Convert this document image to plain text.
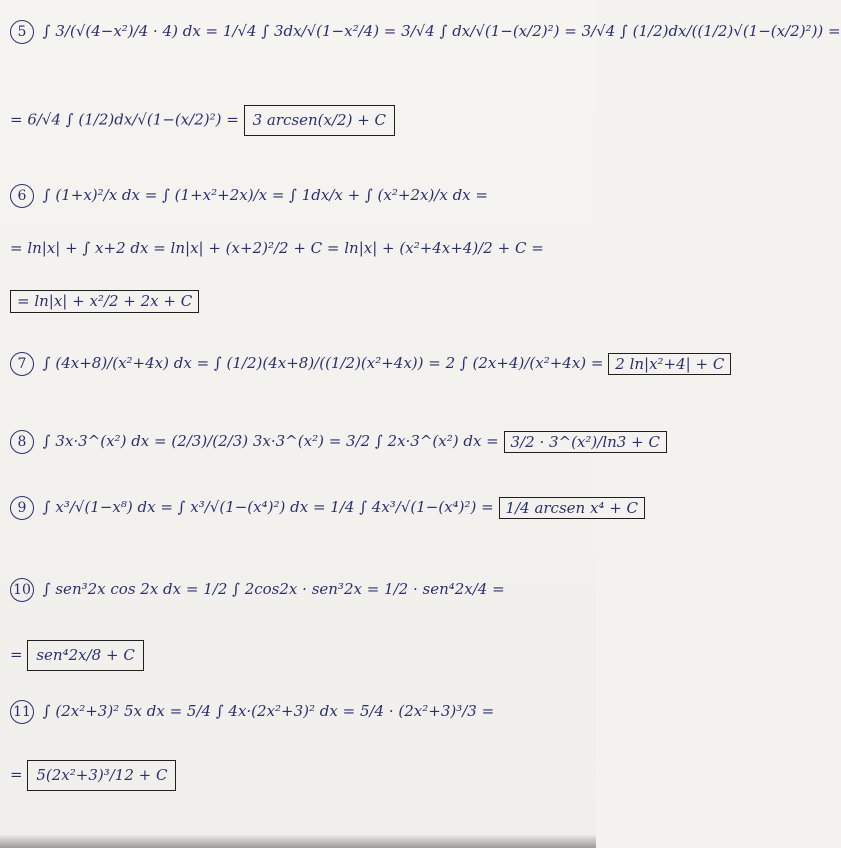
5 ∫ 3/(√(4−x²)/4 · 4) dx = 1/√4 ∫ 3dx/√(1−x²/4) = 3/√4 ∫ dx/√(1−(x/2)²) = 3/√4 ∫ (1/2)dx/((1/2)√(1−(x/2)²)) =
= 6/√4 ∫ (1/2)dx/√(1−(x/2)²) = 3 arcsen(x/2) + C
6 ∫ (1+x)²/x dx = ∫ (1+x²+2x)/x = ∫ 1dx/x + ∫ (x²+2x)/x dx =
= ln|x| + ∫ x+2 dx = ln|x| + (x+2)²/2 + C = ln|x| + (x²+4x+4)/2 + C =
= ln|x| + x²/2 + 2x + C
7 ∫ (4x+8)/(x²+4x) dx = ∫ (1/2)(4x+8)/((1/2)(x²+4x)) = 2 ∫ (2x+4)/(x²+4x) = 2 ln|x²+4| + C
8 ∫ 3x·3^(x²) dx = (2/3)/(2/3) 3x·3^(x²) = 3/2 ∫ 2x·3^(x²) dx = 3/2 · 3^(x²)/ln3 + C
9 ∫ x³/√(1−x⁸) dx = ∫ x³/√(1−(x⁴)²) dx = 1/4 ∫ 4x³/√(1−(x⁴)²) = 1/4 arcsen x⁴ + C
10 ∫ sen³2x cos 2x dx = 1/2 ∫ 2cos2x · sen³2x = 1/2 · sen⁴2x/4 =
= sen⁴2x/8 + C
11 ∫ (2x²+3)² 5x dx = 5/4 ∫ 4x·(2x²+3)² dx = 5/4 · (2x²+3)³/3 =
= 5(2x²+3)³/12 + C
